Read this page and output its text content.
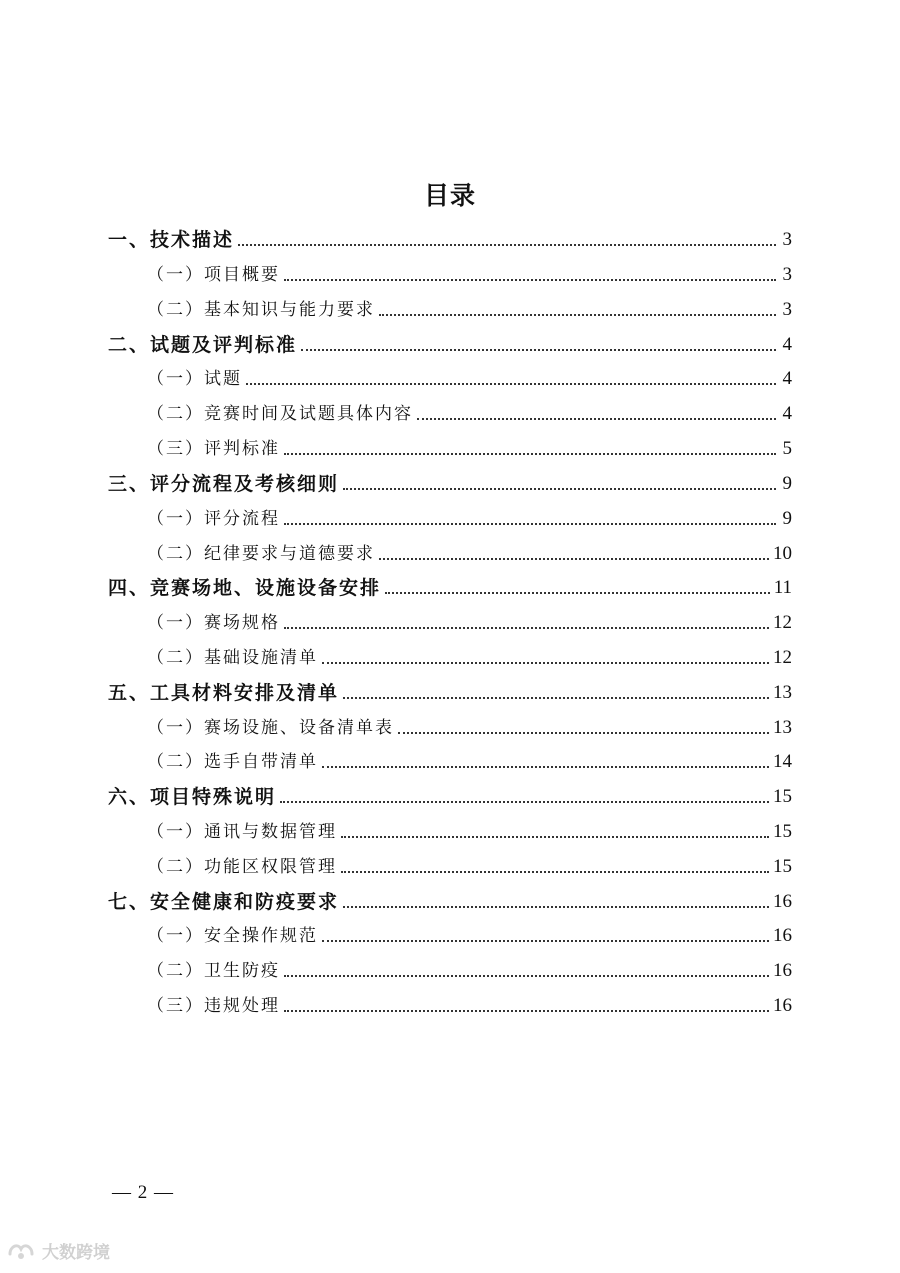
目录
一、技术描述	3
（一）项目概要	3
（二）基本知识与能力要求	3
二、试题及评判标准	4
（一）试题	4
（二）竞赛时间及试题具体内容	4
（三）评判标准	5
三、评分流程及考核细则	9
（一）评分流程	9
（二）纪律要求与道德要求	10
四、竞赛场地、设施设备安排	11
（一）赛场规格	12
（二）基础设施清单	12
五、工具材料安排及清单	13
（一）赛场设施、设备清单表	13
（二）选手自带清单	14
六、项目特殊说明	15
（一）通讯与数据管理	15
（二）功能区权限管理	15
七、安全健康和防疫要求	16
（一）安全操作规范	16
（二）卫生防疫	16
（三）违规处理	16
— 2 —
大数跨境
